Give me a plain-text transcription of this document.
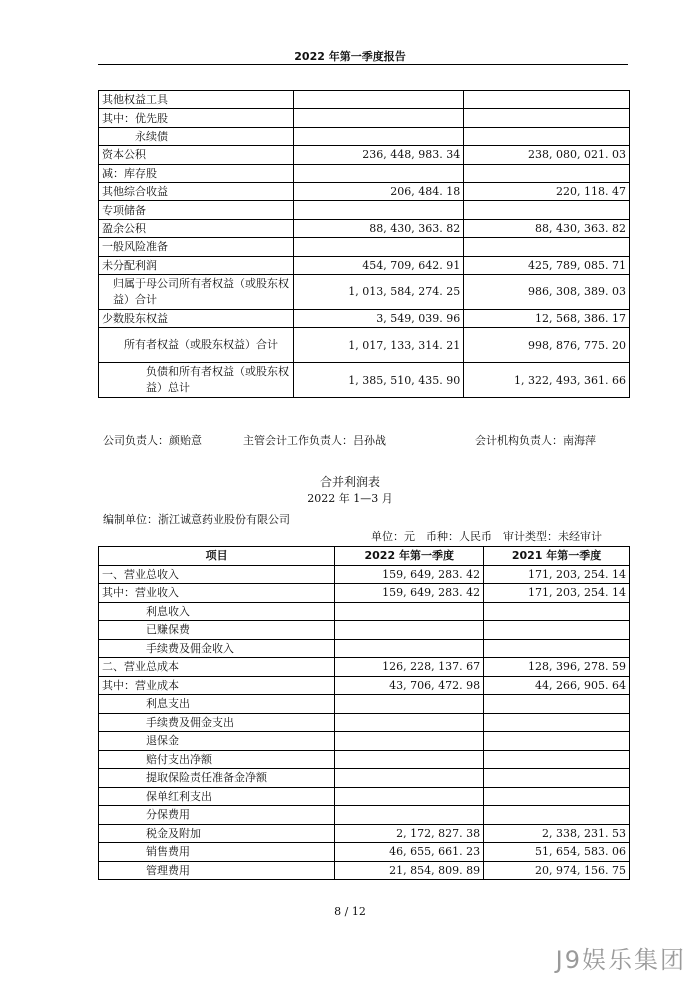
2022 年第一季度报告
其他权益工具		
其中：优先股		
永续债		
资本公积	236, 448, 983. 34	238, 080, 021. 03
减：库存股		
其他综合收益	206, 484. 18	220, 118. 47
专项储备		
盈余公积	88, 430, 363. 82	88, 430, 363. 82
一般风险准备		
未分配利润	454, 709, 642. 91	425, 789, 085. 71
归属于母公司所有者权益（或股东权益）合计	1, 013, 584, 274. 25	986, 308, 389. 03
少数股东权益	3, 549, 039. 96	12, 568, 386. 17
所有者权益（或股东权益）合计	1, 017, 133, 314. 21	998, 876, 775. 20
负债和所有者权益（或股东权益）总计	1, 385, 510, 435. 90	1, 322, 493, 361. 66
公司负责人：颜贻意	主管会计工作负责人：吕孙战	会计机构负责人：南海萍
合并利润表
2022 年 1—3 月
编制单位：浙江诚意药业股份有限公司
单位：元　币种：人民币　审计类型：未经审计
项目	2022 年第一季度	2021 年第一季度
一、营业总收入	159, 649, 283. 42	171, 203, 254. 14
其中：营业收入	159, 649, 283. 42	171, 203, 254. 14
利息收入		
已赚保费		
手续费及佣金收入		
二、营业总成本	126, 228, 137. 67	128, 396, 278. 59
其中：营业成本	43, 706, 472. 98	44, 266, 905. 64
利息支出		
手续费及佣金支出		
退保金		
赔付支出净额		
提取保险责任准备金净额		
保单红利支出		
分保费用		
税金及附加	2, 172, 827. 38	2, 338, 231. 53
销售费用	46, 655, 661. 23	51, 654, 583. 06
管理费用	21, 854, 809. 89	20, 974, 156. 75
8 / 12
J9娱乐集团
